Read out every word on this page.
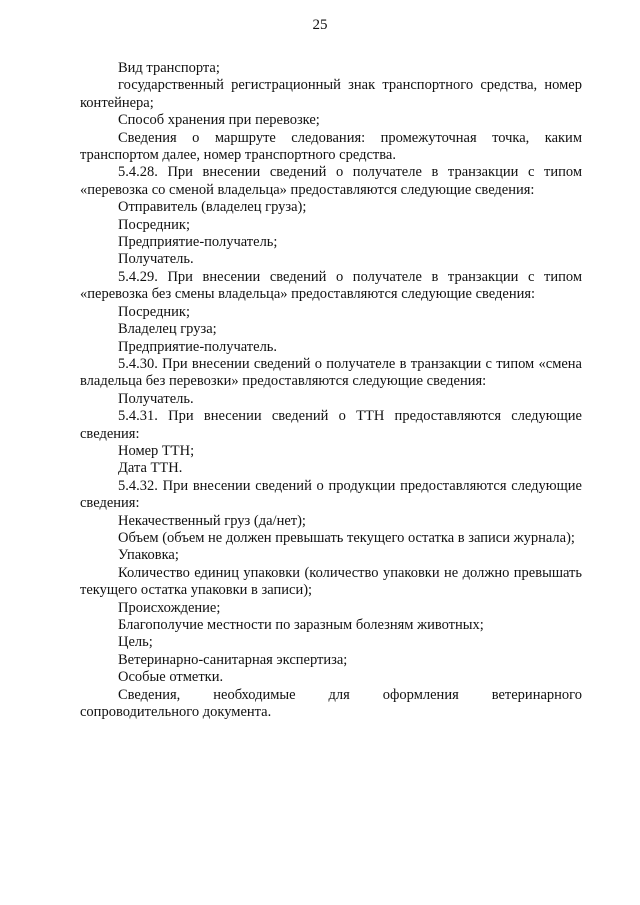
25

Вид транспорта;

государственный регистрационный знак транспортного средства, номер контейнера;

Способ хранения при перевозке;

Сведения о маршруте следования: промежуточная точка, каким транспортом далее, номер транспортного средства.

5.4.28. При внесении сведений о получателе в транзакции с типом «перевозка со сменой владельца» предоставляются следующие сведения:

Отправитель (владелец груза);

Посредник;

Предприятие-получатель;

Получатель.

5.4.29. При внесении сведений о получателе в транзакции с типом «перевозка без смены владельца» предоставляются следующие сведения:

Посредник;

Владелец груза;

Предприятие-получатель.

5.4.30. При внесении сведений о получателе в транзакции с типом «смена владельца без перевозки» предоставляются следующие сведения:

Получатель.

5.4.31. При внесении сведений о ТТН предоставляются следующие сведения:

Номер ТТН;

Дата ТТН.

5.4.32. При внесении сведений о продукции предоставляются следующие сведения:

Некачественный груз (да/нет);

Объем (объем не должен превышать текущего остатка в записи журнала);

Упаковка;

Количество единиц упаковки (количество упаковки не должно превышать текущего остатка упаковки в записи);

Происхождение;

Благополучие местности по заразным болезням животных;

Цель;

Ветеринарно-санитарная экспертиза;

Особые отметки.

Сведения, необходимые для оформления ветеринарного сопроводительного документа.
